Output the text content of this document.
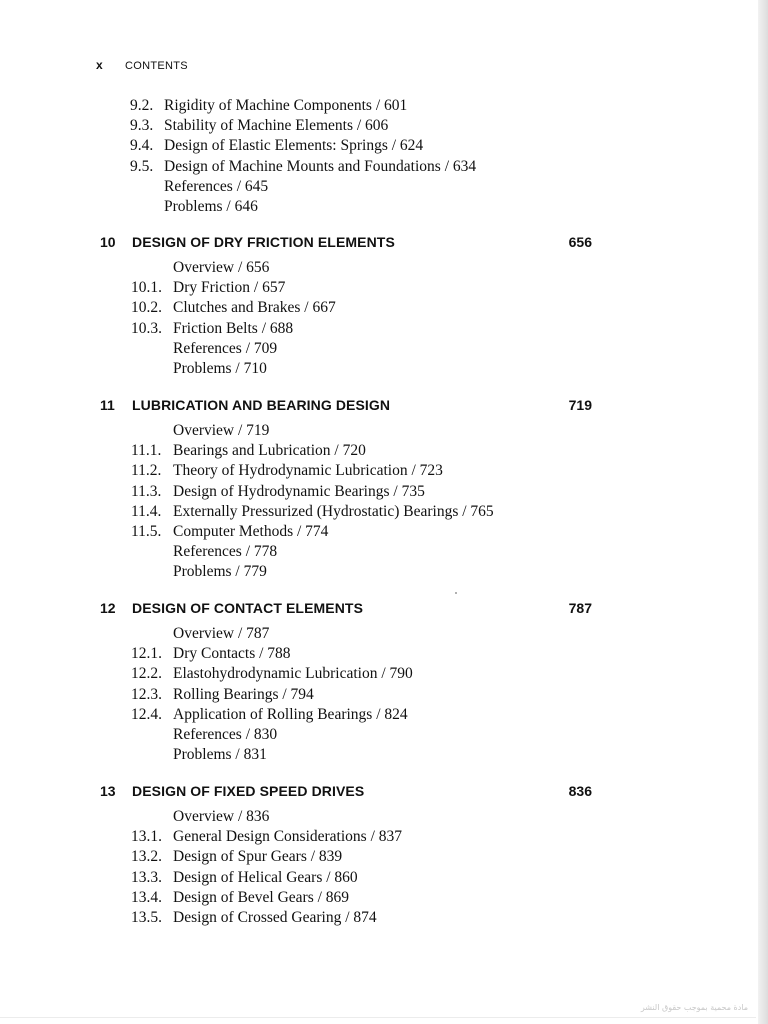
x CONTENTS
9.2. Rigidity of Machine Components / 601
9.3. Stability of Machine Elements / 606
9.4. Design of Elastic Elements: Springs / 624
9.5. Design of Machine Mounts and Foundations / 634
References / 645
Problems / 646
10 DESIGN OF DRY FRICTION ELEMENTS	656
Overview / 656
10.1. Dry Friction / 657
10.2. Clutches and Brakes / 667
10.3. Friction Belts / 688
References / 709
Problems / 710
11 LUBRICATION AND BEARING DESIGN	719
Overview / 719
11.1. Bearings and Lubrication / 720
11.2. Theory of Hydrodynamic Lubrication / 723
11.3. Design of Hydrodynamic Bearings / 735
11.4. Externally Pressurized (Hydrostatic) Bearings / 765
11.5. Computer Methods / 774
References / 778
Problems / 779
12 DESIGN OF CONTACT ELEMENTS	787
Overview / 787
12.1. Dry Contacts / 788
12.2. Elastohydrodynamic Lubrication / 790
12.3. Rolling Bearings / 794
12.4. Application of Rolling Bearings / 824
References / 830
Problems / 831
13 DESIGN OF FIXED SPEED DRIVES	836
Overview / 836
13.1. General Design Considerations / 837
13.2. Design of Spur Gears / 839
13.3. Design of Helical Gears / 860
13.4. Design of Bevel Gears / 869
13.5. Design of Crossed Gearing / 874
مادة محمية بموجب حقوق النشر
